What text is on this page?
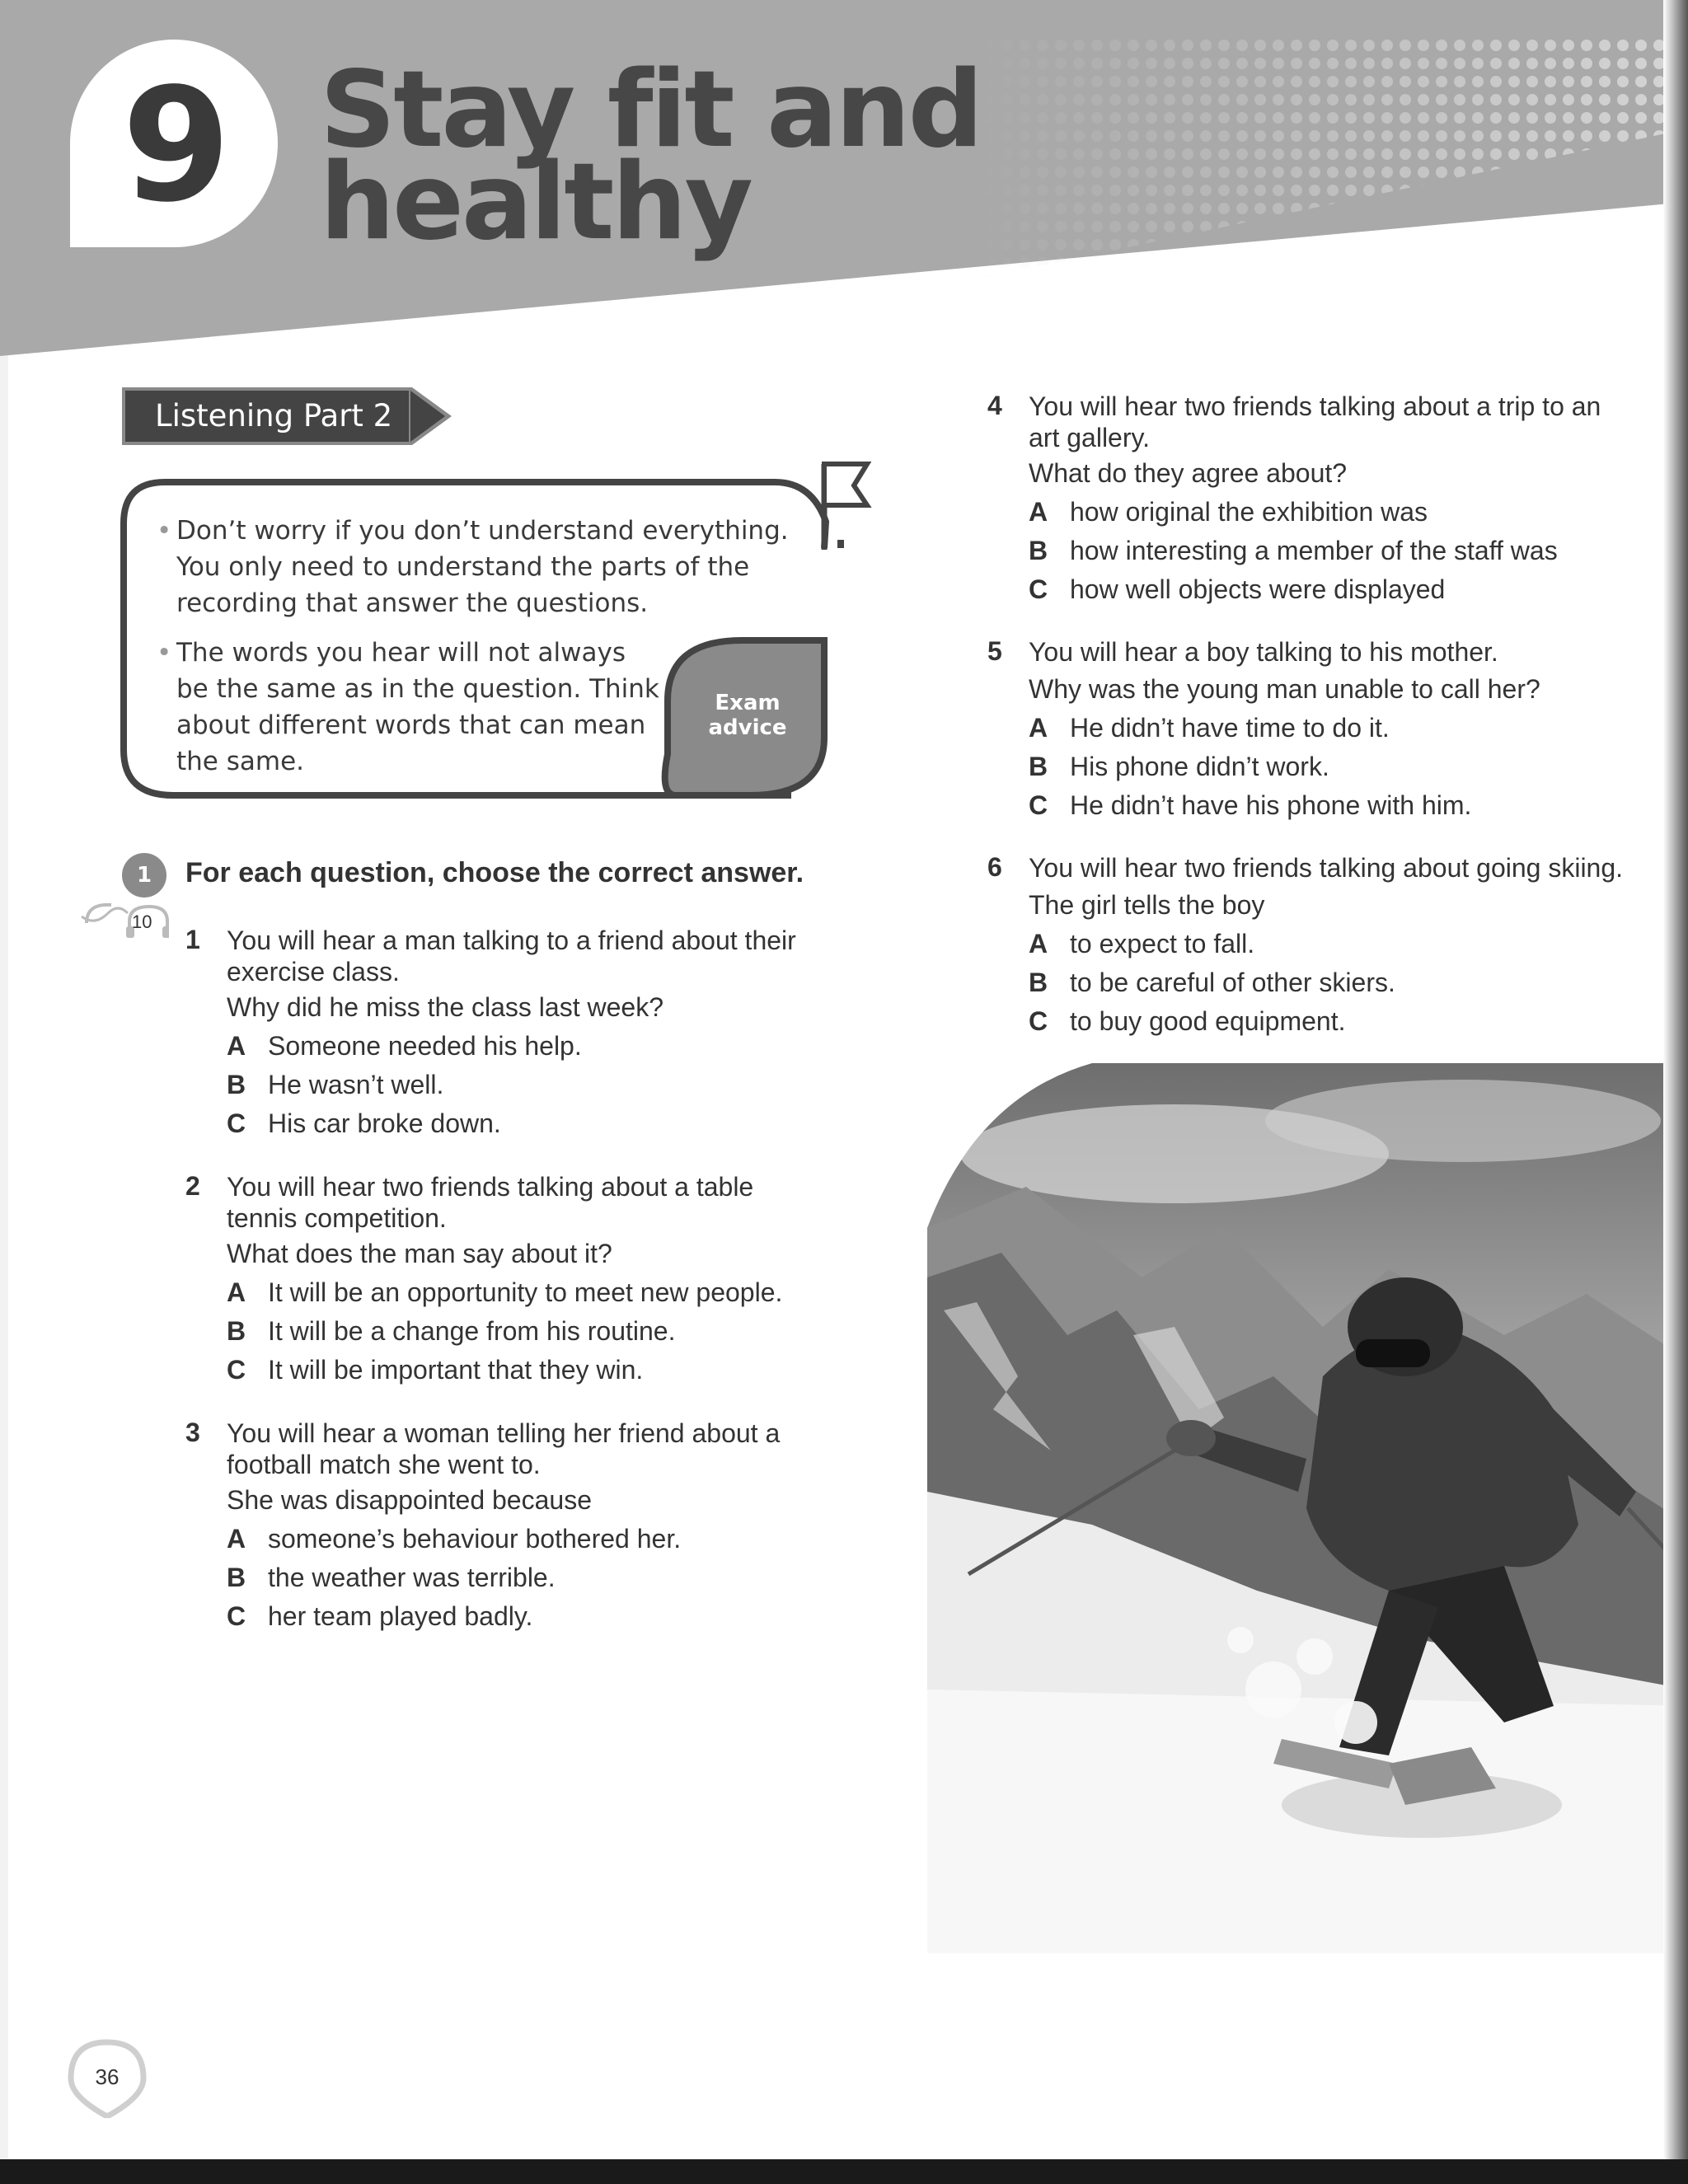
9 Stay fit and
healthy
Listening Part 2
• Don’t worry if you don’t understand everything.
You only need to understand the parts of the
recording that answer the questions.
• The words you hear will not always
be the same as in the question. Think
about different words that can mean
the same.
Exam
advice
1	For each question, choose the correct answer.
10
1 You will hear a man talking to a friend about their
exercise class.
Why did he miss the class last week?
A Someone needed his help.
B He wasn’t well.
C His car broke down.
2 You will hear two friends talking about a table
tennis competition.
What does the man say about it?
A It will be an opportunity to meet new people.
B It will be a change from his routine.
C It will be important that they win.
3 You will hear a woman telling her friend about a
football match she went to.
She was disappointed because
A someone’s behaviour bothered her.
B the weather was terrible.
C her team played badly.
4 You will hear two friends talking about a trip to an
art gallery.
What do they agree about?
A how original the exhibition was
B how interesting a member of the staff was
C how well objects were displayed
5 You will hear a boy talking to his mother.
Why was the young man unable to call her?
A He didn’t have time to do it.
B His phone didn’t work.
C He didn’t have his phone with him.
6 You will hear two friends talking about going skiing.
The girl tells the boy
A to expect to fall.
B to be careful of other skiers.
C to buy good equipment.
36
